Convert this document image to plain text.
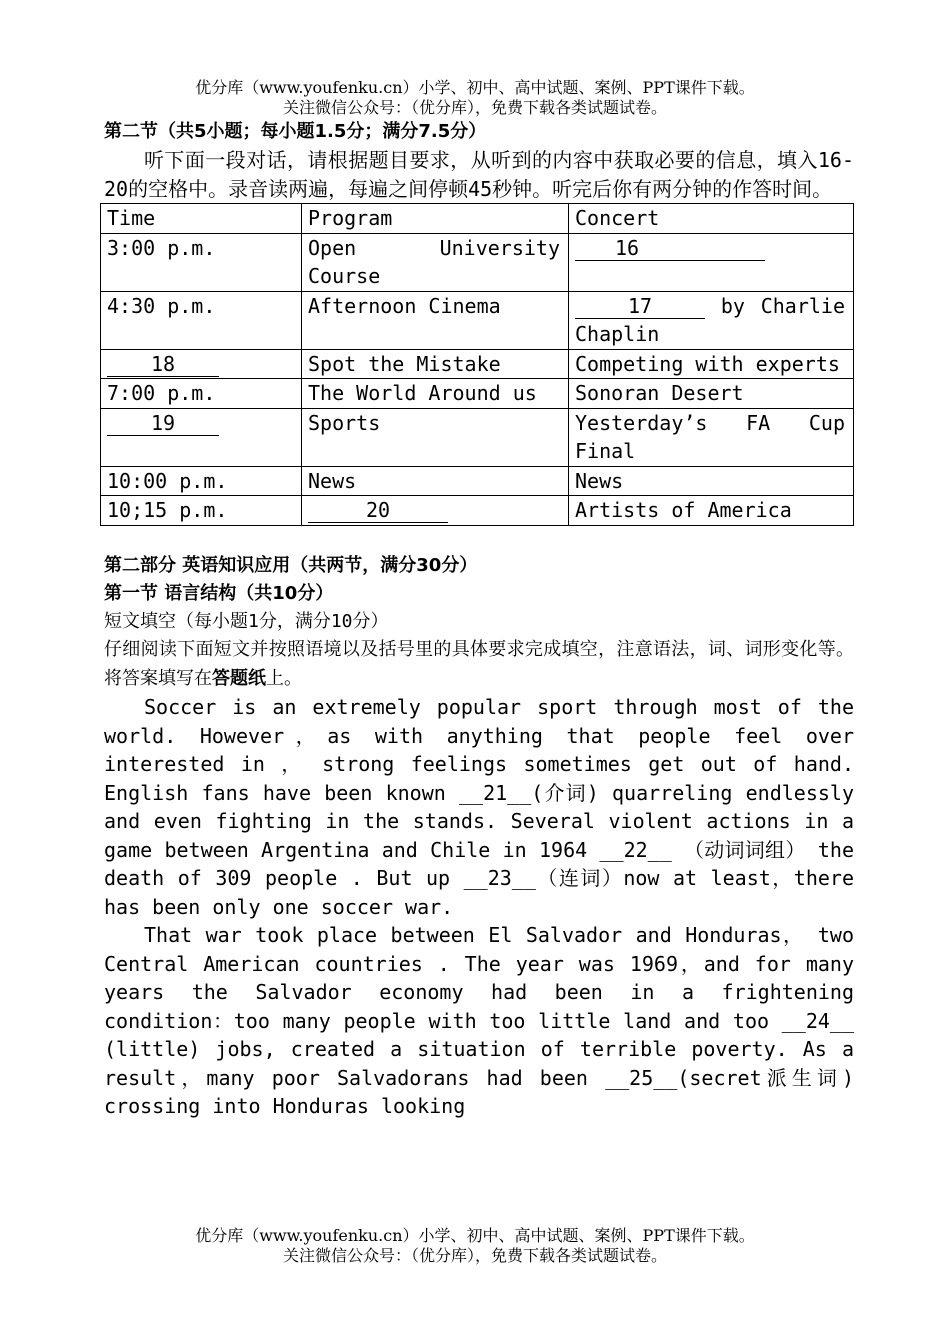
优分库（www.youfenku.cn）小学、初中、高中试题、案例、PPT课件下载。
关注微信公众号：（优分库），免费下载各类试题试卷。
第二节（共5小题；每小题1.5分；满分7.5分）
听下面一段对话，请根据题目要求，从听到的内容中获取必要的信息，填入16-20的空格中。录音读两遍，每遍之间停顿45秒钟。听完后你有两分钟的作答时间。
Time	Program	Concert
3:00 p.m.	Open University Course	16
4:30 p.m.	Afternoon Cinema	17 by Charlie Chaplin
18	Spot the Mistake	Competing with experts
7:00 p.m.	The World Around us	Sonoran Desert
19	Sports	Yesterday’s FA Cup Final
10:00 p.m.	News	News
10;15 p.m.	20	Artists of America
第二部分 英语知识应用（共两节，满分30分）
第一节 语言结构（共10分）
短文填空（每小题1分，满分10分）
仔细阅读下面短文并按照语境以及括号里的具体要求完成填空，注意语法，词、词形变化等。将答案填写在答题纸上。
Soccer is an extremely popular sport through most of the world. However，as with anything that people feel over interested in ， strong feelings sometimes get out of hand. English fans have been known __21__(介词) quarreling endlessly and even fighting in the stands. Several violent actions in a game between Argentina and Chile in 1964 __22__ （动词词组） the death of 309 people . But up __23__（连词）now at least，there has been only one soccer war.
That war took place between El Salvador and Honduras， two Central American countries . The year was 1969，and for many years the Salvador economy had been in a frightening condition：too many people with too little land and too __24__ (little) jobs, created a situation of terrible poverty. As a result，many poor Salvadorans had been __25__(secret派生词) crossing into Honduras looking
优分库（www.youfenku.cn）小学、初中、高中试题、案例、PPT课件下载。
关注微信公众号：（优分库），免费下载各类试题试卷。
